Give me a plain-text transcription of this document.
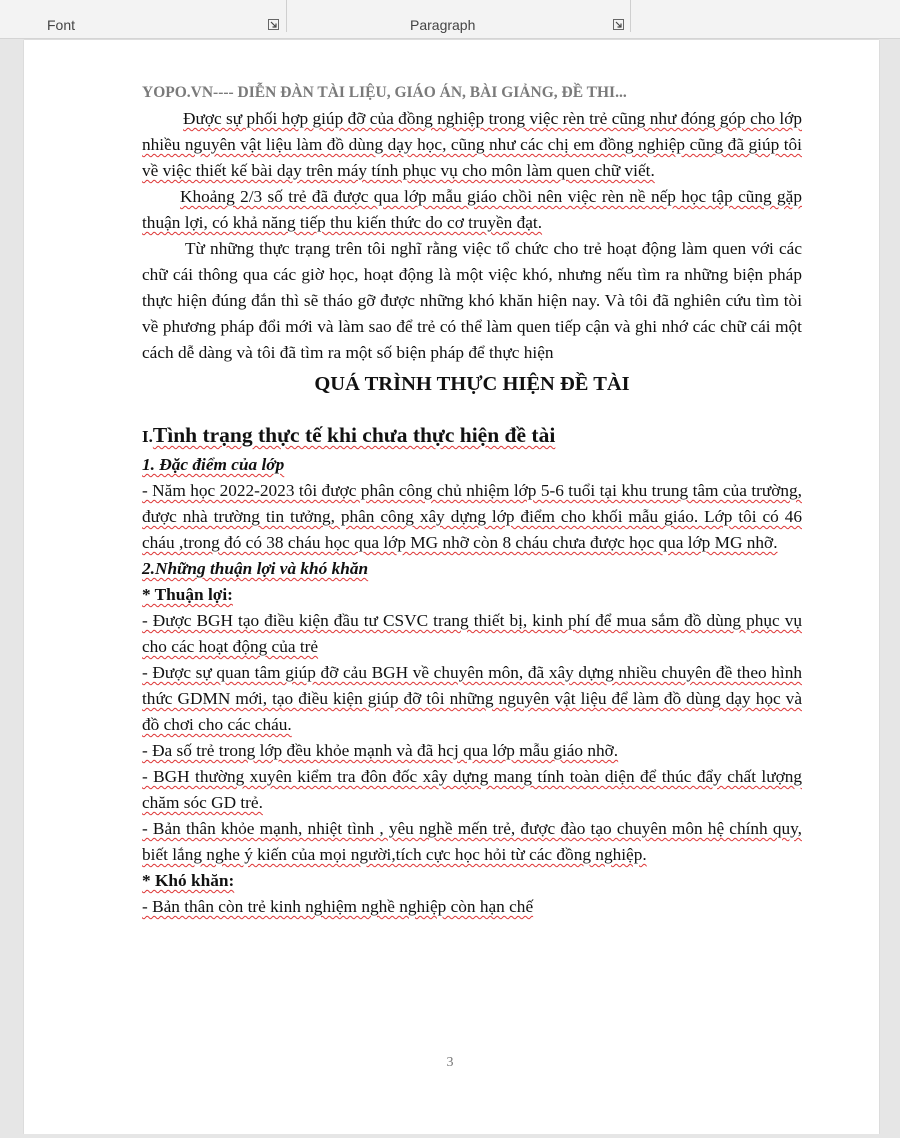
Font	Paragraph

YOPO.VN---- DIỄN ĐÀN TÀI LIỆU, GIÁO ÁN, BÀI GIẢNG, ĐỀ THI...

Được sự phối hợp giúp đỡ của đồng nghiệp trong việc rèn trẻ cũng như đóng góp cho lớp nhiều nguyên vật liệu làm đồ dùng dạy học, cũng như các chị em đồng nghiệp cũng đã giúp tôi về việc thiết kế bài dạy trên máy tính phục vụ cho môn làm quen chữ viết.

Khoảng 2/3 số trẻ đã được qua lớp mẫu giáo chồi nên việc rèn nề nếp học tập cũng gặp thuận lợi, có khả năng tiếp thu kiến thức do cơ truyền đạt.

Từ những thực trạng trên tôi nghĩ rằng việc tổ chức cho trẻ hoạt động làm quen với các chữ cái thông qua các giờ học, hoạt động là một việc khó, nhưng nếu tìm ra những biện pháp thực hiện đúng đắn thì sẽ tháo gỡ được những khó khăn hiện nay. Và tôi đã nghiên cứu tìm tòi về phương pháp đổi mới và làm sao để trẻ có thể làm quen tiếp cận và ghi nhớ các chữ cái một cách dễ dàng và tôi đã tìm ra một số biện pháp để thực hiện

QUÁ TRÌNH THỰC HIỆN ĐỀ TÀI

I.Tình trạng thực tế khi chưa thực hiện đề tài

1. Đặc điểm của lớp

- Năm học 2022-2023 tôi được phân công chủ nhiệm lớp 5-6 tuổi tại khu trung tâm của trường, được nhà trường tin tưởng, phân công xây dựng lớp điểm cho khối mẫu giáo. Lớp tôi có 46 cháu ,trong đó có 38 cháu học qua lớp MG nhỡ còn 8 cháu chưa được học qua lớp MG nhỡ.

2.Những thuận lợi và khó khăn

* Thuận lợi:

- Được BGH tạo điều kiện đầu tư CSVC trang thiết bị, kinh phí để mua sắm đồ dùng phục vụ cho các hoạt động của trẻ

- Được sự quan tâm giúp đỡ cảu BGH về chuyên môn, đã xây dựng nhiều chuyên đề theo hình thức GDMN mới, tạo điều kiện giúp đỡ tôi những nguyên vật liệu để làm đồ dùng dạy học và đồ chơi cho các cháu.

- Đa số trẻ trong lớp đều khỏe mạnh và đã hcj qua lớp mẫu giáo nhỡ.

- BGH thường xuyên kiểm tra đôn đốc xây dựng mang tính toàn diện để thúc đẩy chất lượng chăm sóc GD trẻ.

- Bản thân khỏe mạnh, nhiệt tình , yêu nghề mến trẻ, được đào tạo chuyên môn hệ chính quy, biết lắng nghe ý kiến của mọi người,tích cực học hỏi từ các đồng nghiệp.

* Khó khăn:

- Bản thân còn trẻ kinh nghiệm nghề nghiệp còn hạn chế

3
